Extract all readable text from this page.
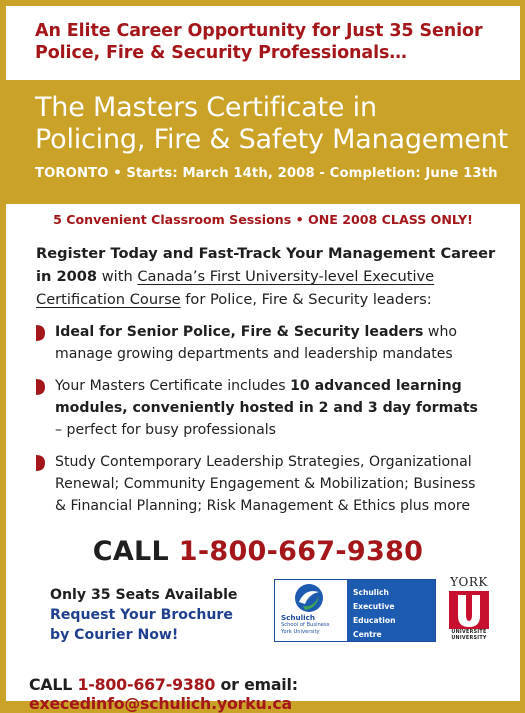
An Elite Career Opportunity for Just 35 Senior
Police, Fire & Security Professionals…
The Masters Certificate in
Policing, Fire & Safety Management
TORONTO • Starts: March 14th, 2008 - Completion: June 13th
5 Convenient Classroom Sessions • ONE 2008 CLASS ONLY!
Register Today and Fast-Track Your Management Career
in 2008 with Canada’s First University-level Executive
Certification Course for Police, Fire & Security leaders:
Ideal for Senior Police, Fire & Security leaders who
manage growing departments and leadership mandates
Your Masters Certificate includes 10 advanced learning
modules, conveniently hosted in 2 and 3 day formats
– perfect for busy professionals
Study Contemporary Leadership Strategies, Organizational
Renewal; Community Engagement & Mobilization; Business
& Financial Planning; Risk Management & Ethics plus more
CALL 1-800-667-9380
Only 35 Seats Available
Request Your Brochure
by Courier Now!
Schulich
School of Business
York University
Schulich
Executive
Education
Centre
YORK
UNIVERSITÉ
UNIVERSITY
CALL 1-800-667-9380 or email: execedinfo@schulich.yorku.ca
